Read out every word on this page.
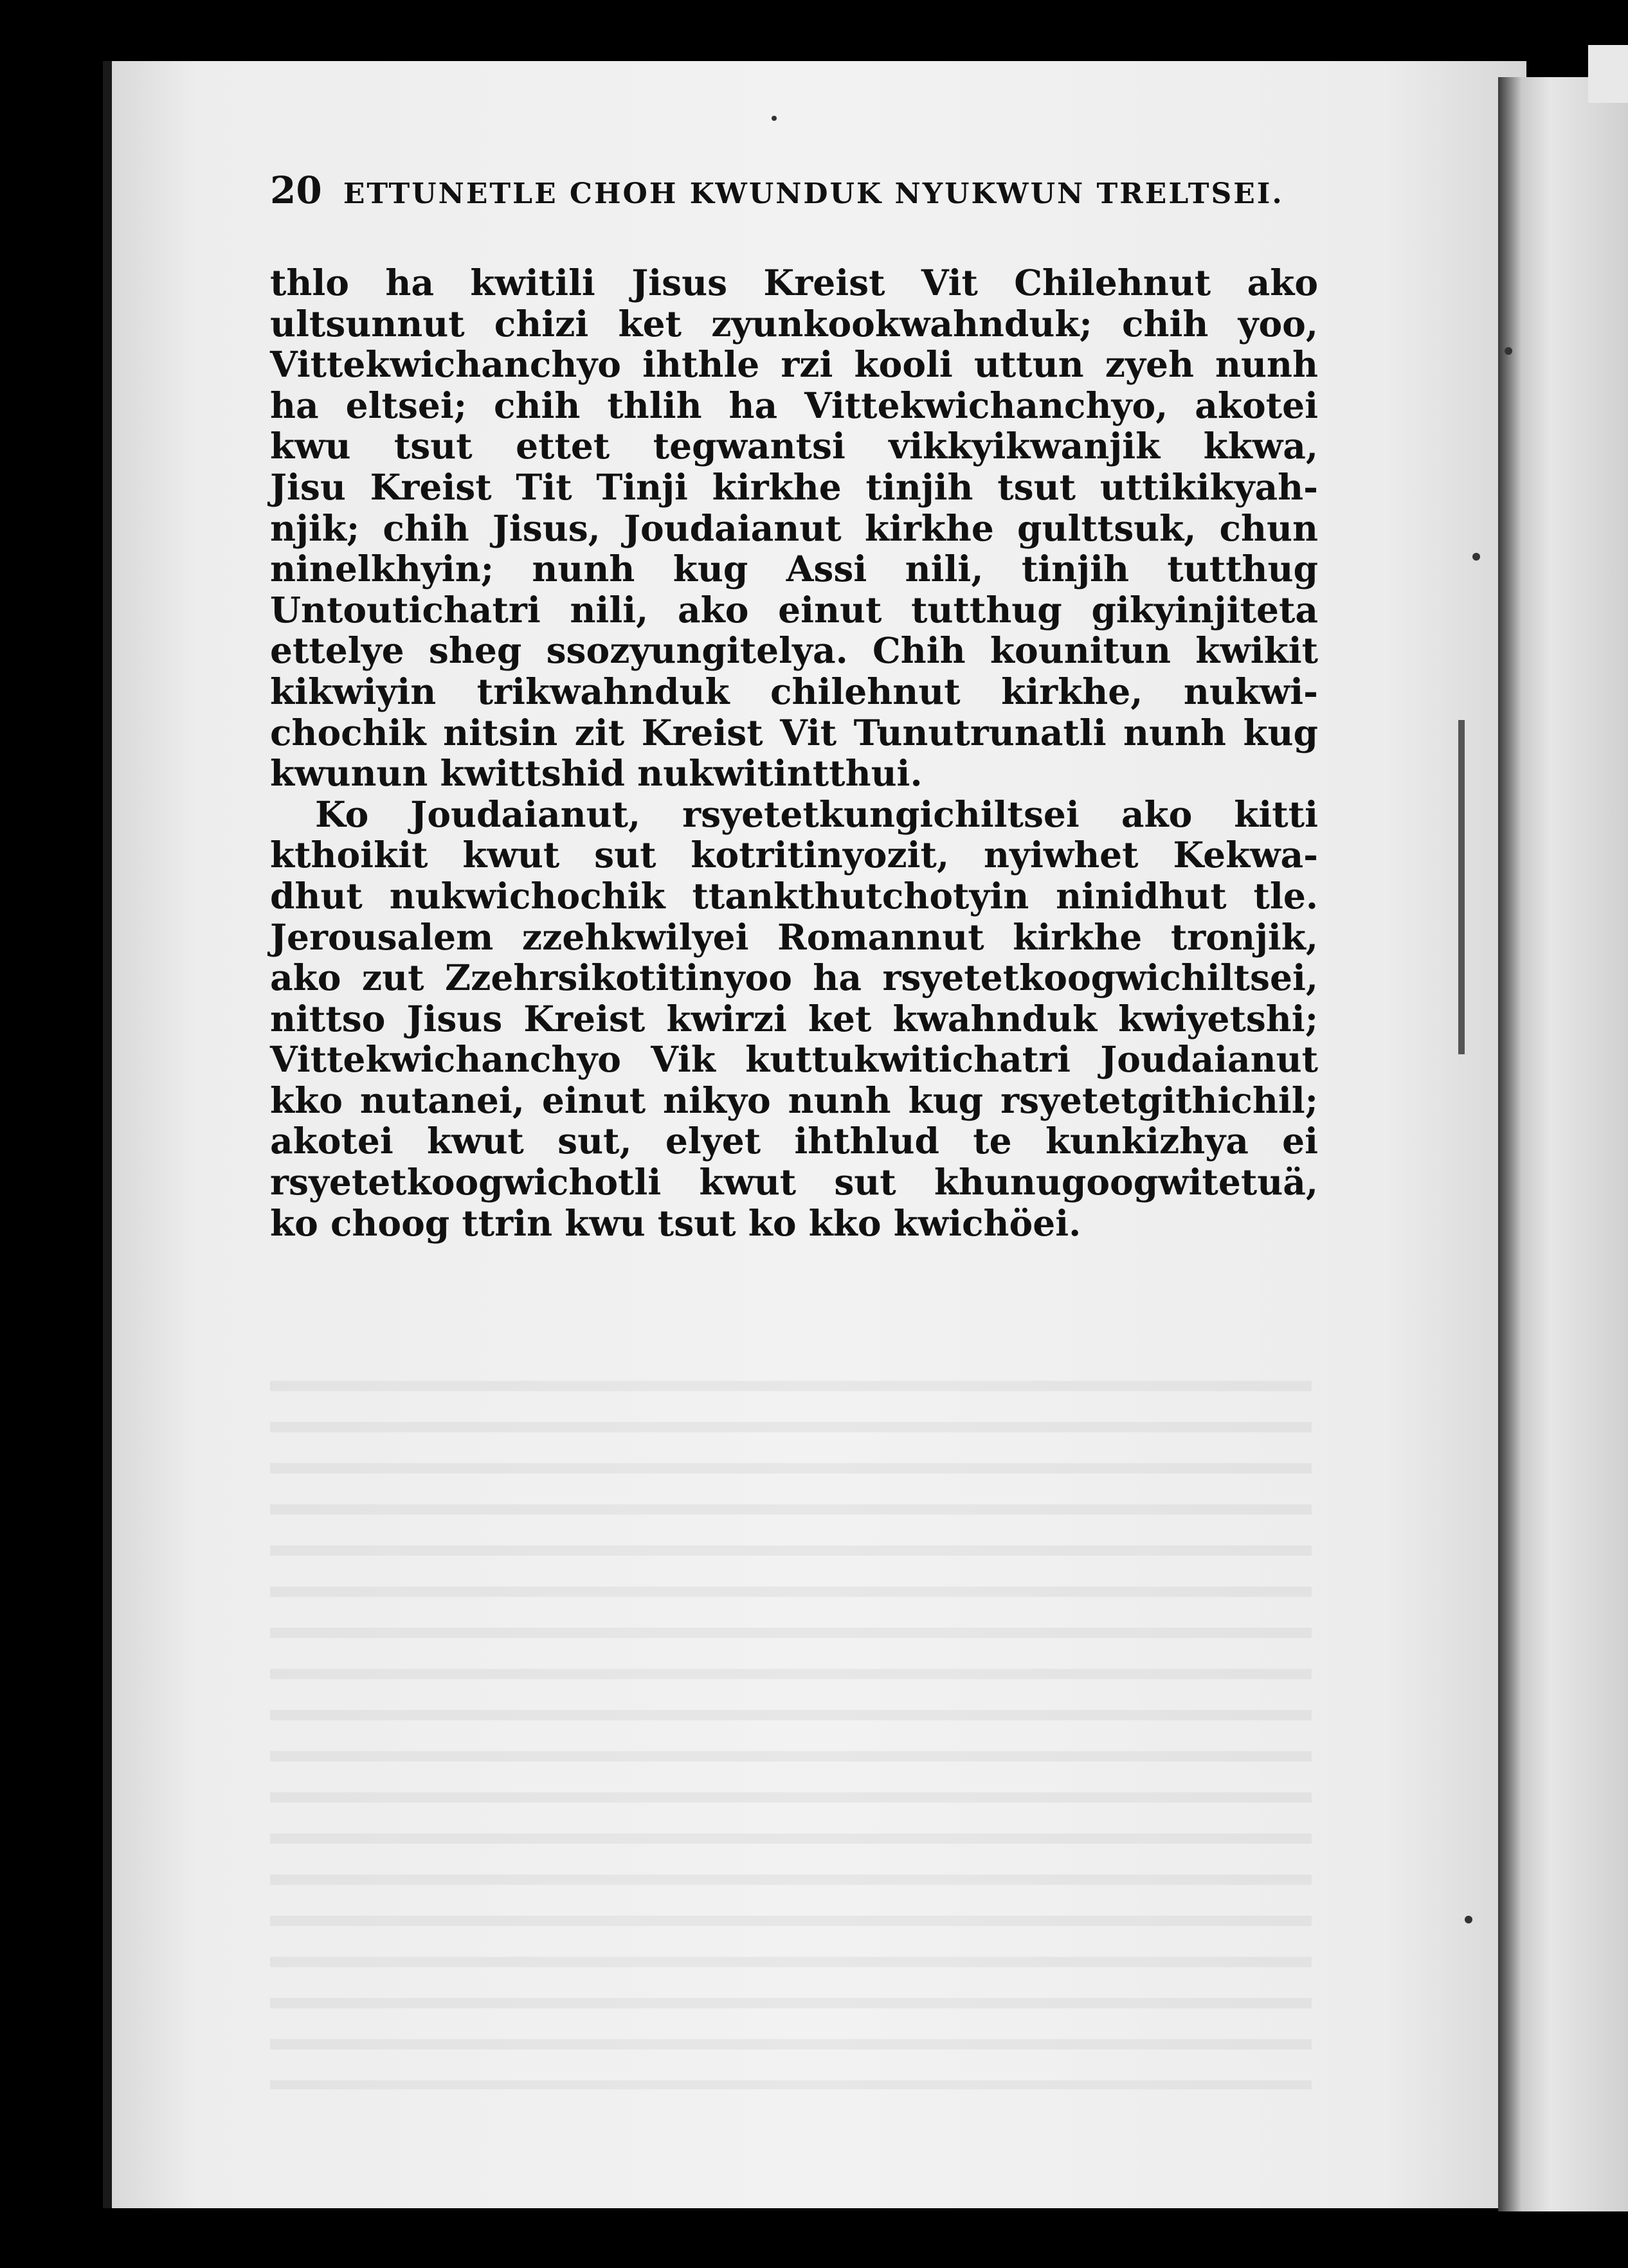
20 ETTUNETLE CHOH KWUNDUK NYUKWUN TRELTSEI.
thlo ha kwitili Jisus Kreist Vit Chilehnut ako
ultsunnut chizi ket zyunkookwahnduk; chih yoo,
Vittekwichanchyo ihthle rzi kooli uttun zyeh nunh
ha eltsei; chih thlih ha Vittekwichanchyo, akotei
kwu tsut ettet tegwantsi vikkyikwanjik kkwa,
Jisu Kreist Tit Tinji kirkhe tinjih tsut uttikikyah-
njik; chih Jisus, Joudaianut kirkhe gulttsuk, chun
ninelkhyin; nunh kug Assi nili, tinjih tutthug
Untoutichatri nili, ako einut tutthug gikyinjiteta
ettelye sheg ssozyungitelya. Chih kounitun kwikit
kikwiyin trikwahnduk chilehnut kirkhe, nukwi-
chochik nitsin zit Kreist Vit Tunutrunatli nunh kug
kwunun kwittshid nukwitintthui.
Ko Joudaianut, rsyetetkungichiltsei ako kitti
kthoikit kwut sut kotritinyozit, nyiwhet Kekwa-
dhut nukwichochik ttankthutchotyin ninidhut tle.
Jerousalem zzehkwilyei Romannut kirkhe tronjik,
ako zut Zzehrsikotitinyoo ha rsyetetkoogwichiltsei,
nittso Jisus Kreist kwirzi ket kwahnduk kwiyetshi;
Vittekwichanchyo Vik kuttukwitichatri Joudaianut
kko nutanei, einut nikyo nunh kug rsyetetgithichil;
akotei kwut sut, elyet ihthlud te kunkizhya ei
rsyetetkoogwichotli kwut sut khunugoogwitetuä,
ko choog ttrin kwu tsut ko kko kwichöei.
